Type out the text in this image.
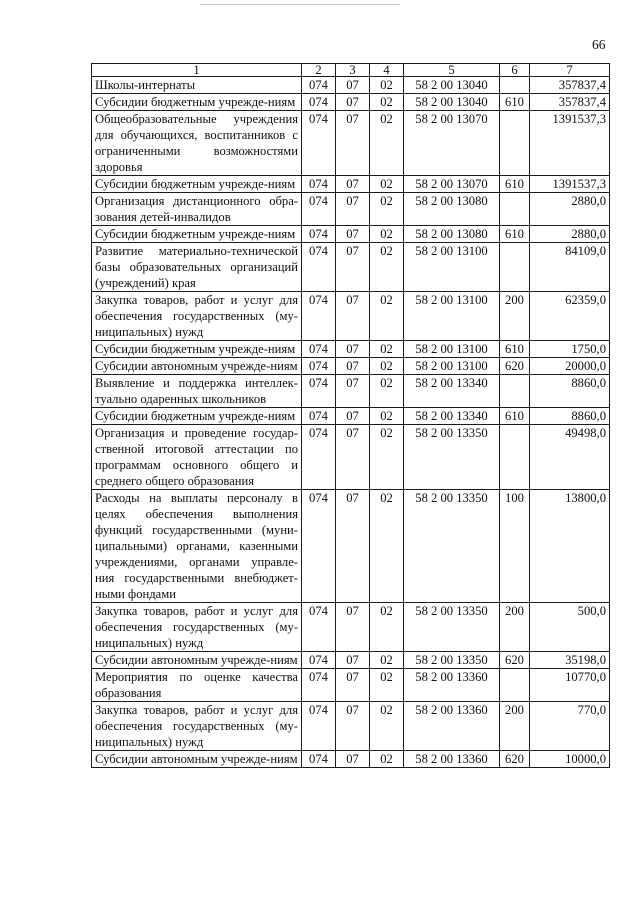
66
1	2	3	4	5	6	7
Школы-интернаты	074	07	02	58 2 00 13040		357837,4
Субсидии бюджетным учрежде-ниям	074	07	02	58 2 00 13040	610	357837,4
Общеобразовательные учреждения для обучающихся, воспитанников с ограниченными возможностями здоровья	074	07	02	58 2 00 13070		1391537,3
Субсидии бюджетным учрежде-ниям	074	07	02	58 2 00 13070	610	1391537,3
Организация дистанционного обра-зования детей-инвалидов	074	07	02	58 2 00 13080		2880,0
Субсидии бюджетным учрежде-ниям	074	07	02	58 2 00 13080	610	2880,0
Развитие материально-технической базы образовательных организаций (учреждений) края	074	07	02	58 2 00 13100		84109,0
Закупка товаров, работ и услуг для обеспечения государственных (му-ниципальных) нужд	074	07	02	58 2 00 13100	200	62359,0
Субсидии бюджетным учрежде-ниям	074	07	02	58 2 00 13100	610	1750,0
Субсидии автономным учрежде-ниям	074	07	02	58 2 00 13100	620	20000,0
Выявление и поддержка интеллек-туально одаренных школьников	074	07	02	58 2 00 13340		8860,0
Субсидии бюджетным учрежде-ниям	074	07	02	58 2 00 13340	610	8860,0
Организация и проведение государ-ственной итоговой аттестации по программам основного общего и среднего общего образования	074	07	02	58 2 00 13350		49498,0
Расходы на выплаты персоналу в целях обеспечения выполнения функций государственными (муни-ципальными) органами, казенными учреждениями, органами управле-ния государственными внебюджет-ными фондами	074	07	02	58 2 00 13350	100	13800,0
Закупка товаров, работ и услуг для обеспечения государственных (му-ниципальных) нужд	074	07	02	58 2 00 13350	200	500,0
Субсидии автономным учрежде-ниям	074	07	02	58 2 00 13350	620	35198,0
Мероприятия по оценке качества образования	074	07	02	58 2 00 13360		10770,0
Закупка товаров, работ и услуг для обеспечения государственных (му-ниципальных) нужд	074	07	02	58 2 00 13360	200	770,0
Субсидии автономным учрежде-ниям	074	07	02	58 2 00 13360	620	10000,0
